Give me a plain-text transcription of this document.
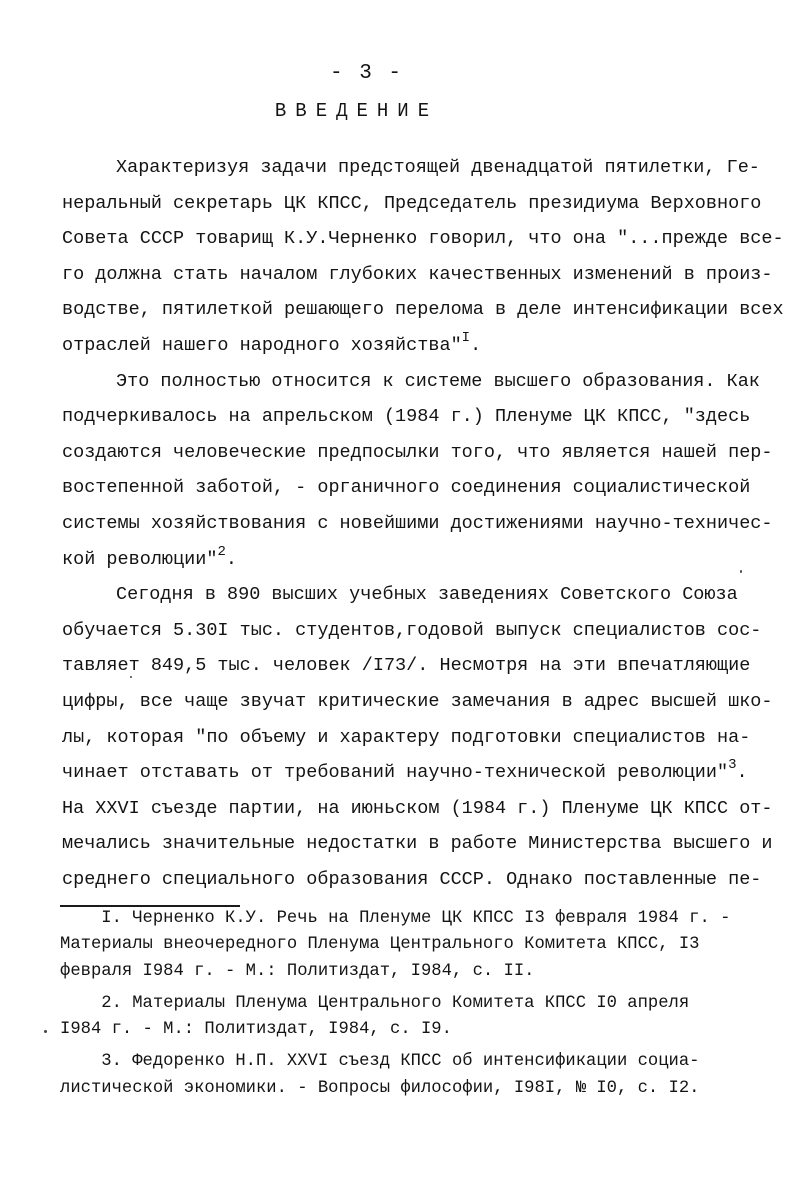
- 3 -
ВВЕДЕНИЕ
Характеризуя задачи предстоящей двенадцатой пятилетки, Ге-
неральный секретарь ЦК КПСС, Председатель президиума Верховного
Совета СССР товарищ К.У.Черненко говорил, что она "...прежде все-
го должна стать началом глубоких качественных изменений в произ-
водстве, пятилеткой решающего перелома в деле интенсификации всех
отраслей нашего народного хозяйства"$^I$.
Это полностью относится к системе высшего образования. Как
подчеркивалось на апрельском (1984 г.) Пленуме ЦК КПСС, "здесь
создаются человеческие предпосылки того, что является нашей пер-
востепенной заботой, - органичного соединения социалистической
системы хозяйствования с новейшими достижениями научно-техничес-
кой революции"$^2$.
Сегодня в 890 высших учебных заведениях Советского Союза
обучается 5.30I тыс. студентов,годовой выпуск специалистов сос-
тавляет 849,5 тыс. человек /I73/. Несмотря на эти впечатляющие
цифры, все чаще звучат критические замечания в адрес высшей шко-
лы, которая "по объему и характеру подготовки специалистов на-
чинает отставать от требований научно-технической революции"$^3$.
На XXVI съезде партии, на июньском (1984 г.) Пленуме ЦК КПСС от-
мечались значительные недостатки в работе Министерства высшего и
среднего специального образования СССР. Однако поставленные пе-
I. Черненко К.У. Речь на Пленуме ЦК КПСС I3 февраля 1984 г. -
Материалы внеочередного Пленума Центрального Комитета КПСС, I3
февраля I984 г. - М.: Политиздат, I984, с. II.
2. Материалы Пленума Центрального Комитета КПСС I0 апреля
I984 г. - М.: Политиздат, I984, с. I9.
3. Федоренко Н.П. XXVI съезд КПСС об интенсификации социа-
листической экономики. - Вопросы философии, I98I, № I0, с. I2.
